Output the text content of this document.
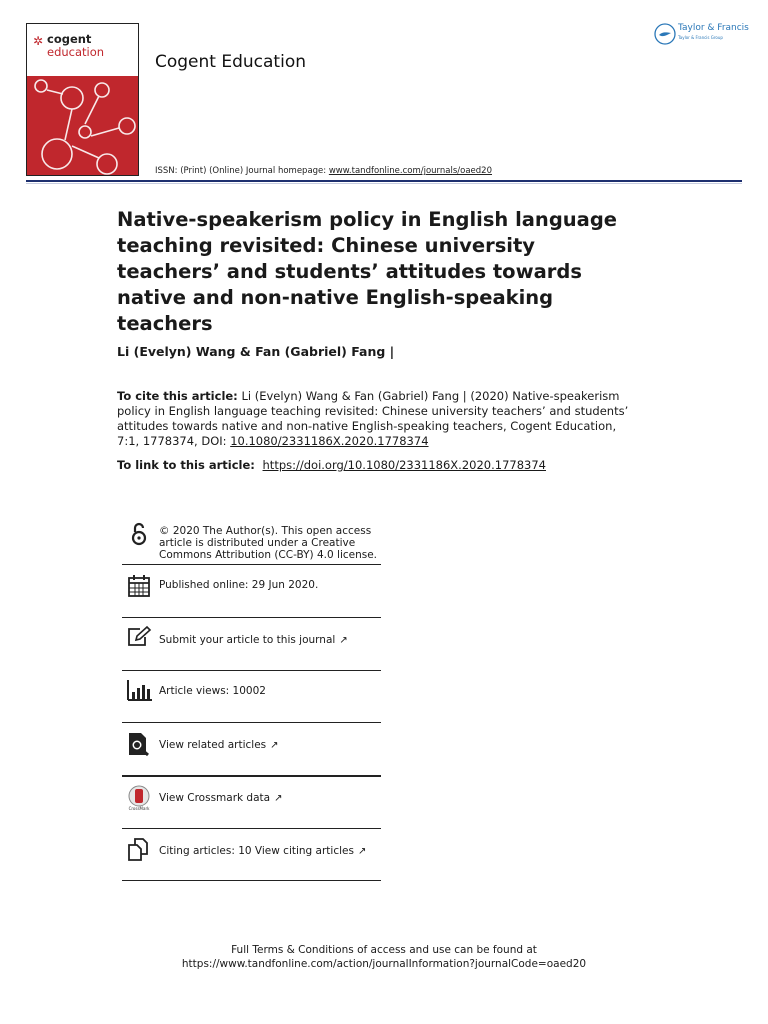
✲ cogent
education	Cogent Education
ISSN: (Print) (Online) Journal homepage: www.tandfonline.com/journals/oaed20
Taylor & Francis
Taylor & Francis Group
Native-speakerism policy in English language teaching revisited: Chinese university teachers’ and students’ attitudes towards native and non-native English-speaking teachers
Li (Evelyn) Wang & Fan (Gabriel) Fang |
To cite this article: Li (Evelyn) Wang & Fan (Gabriel) Fang | (2020) Native-speakerism policy in English language teaching revisited: Chinese university teachers’ and students’ attitudes towards native and non-native English-speaking teachers, Cogent Education, 7:1, 1778374, DOI: 10.1080/2331186X.2020.1778374
To link to this article: https://doi.org/10.1080/2331186X.2020.1778374
© 2020 The Author(s). This open access
article is distributed under a Creative
Commons Attribution (CC-BY) 4.0 license.
Published online: 29 Jun 2020.
Submit your article to this journal ↗
Article views: 10002
View related articles ↗
CrossMark
View Crossmark data ↗
Citing articles: 10 View citing articles ↗
Full Terms & Conditions of access and use can be found at
https://www.tandfonline.com/action/journalInformation?journalCode=oaed20
